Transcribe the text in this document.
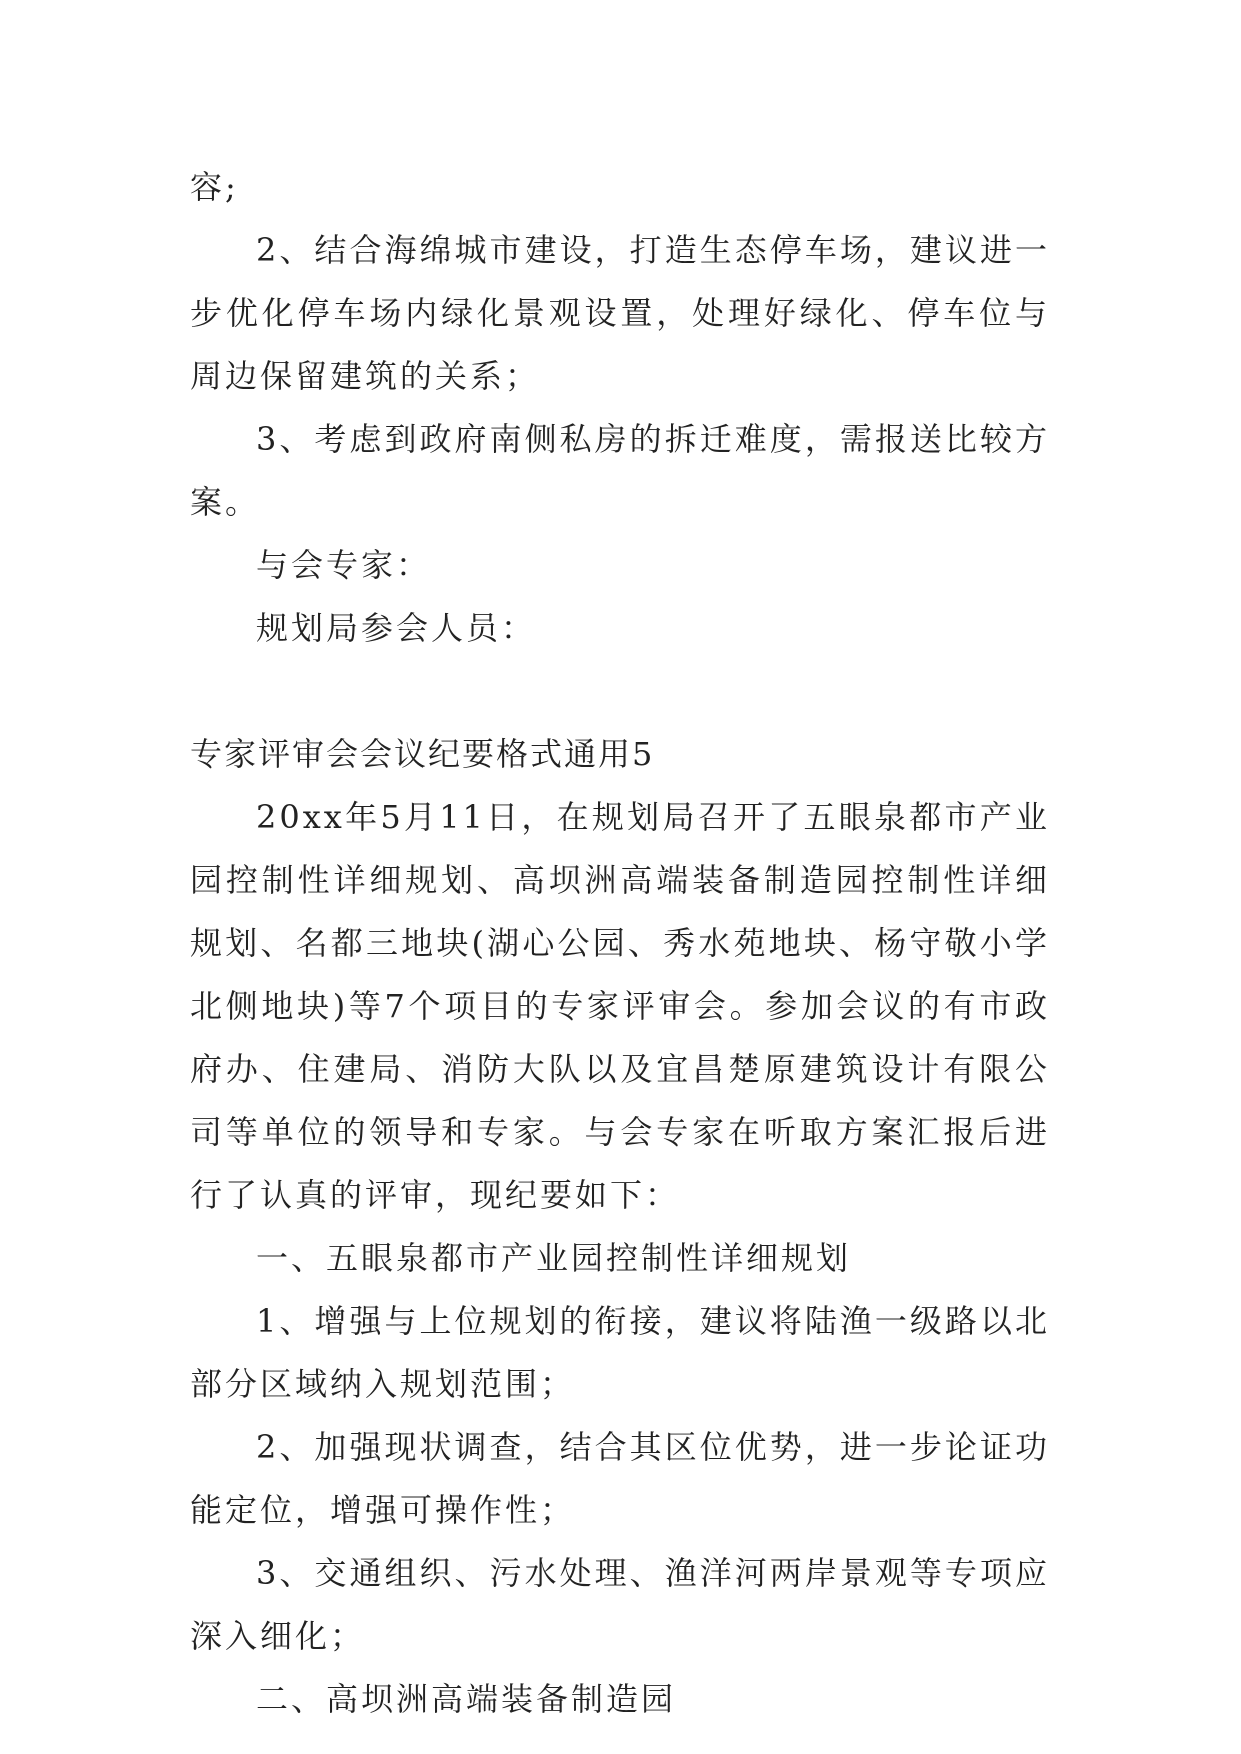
容;

2、结合海绵城市建设，打造生态停车场，建议进一步优化停车场内绿化景观设置，处理好绿化、停车位与周边保留建筑的关系；

3、考虑到政府南侧私房的拆迁难度，需报送比较方案。

与会专家：

规划局参会人员：

专家评审会会议纪要格式通用5

20xx年5月11日，在规划局召开了五眼泉都市产业园控制性详细规划、高坝洲高端装备制造园控制性详细规划、名都三地块(湖心公园、秀水苑地块、杨守敬小学北侧地块)等7个项目的专家评审会。参加会议的有市政府办、住建局、消防大队以及宜昌楚原建筑设计有限公司等单位的领导和专家。与会专家在听取方案汇报后进行了认真的评审，现纪要如下：

一、五眼泉都市产业园控制性详细规划

1、增强与上位规划的衔接，建议将陆渔一级路以北部分区域纳入规划范围；

2、加强现状调查，结合其区位优势，进一步论证功能定位，增强可操作性；

3、交通组织、污水处理、渔洋河两岸景观等专项应深入细化；

二、高坝洲高端装备制造园
